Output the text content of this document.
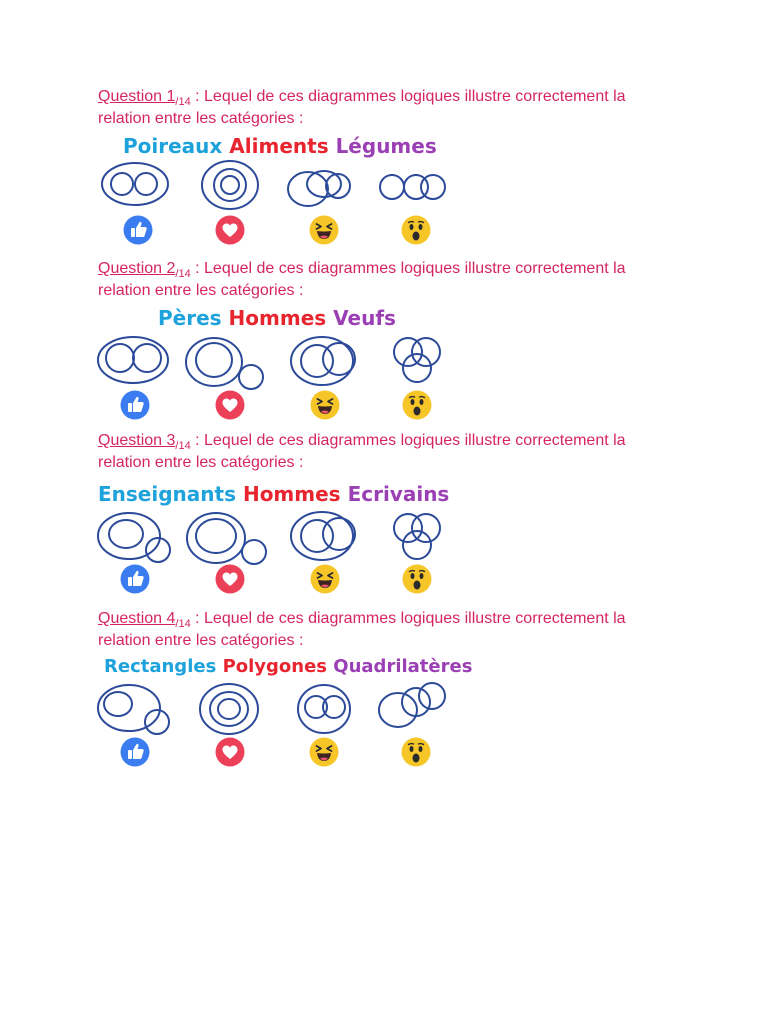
Question $1_{/14}$ : Lequel de ces diagrammes logiques illustre correctement la
relation entre les catégories :
Poireaux Aliments Légumes
Question $2_{/14}$ : Lequel de ces diagrammes logiques illustre correctement la
relation entre les catégories :
Pères Hommes Veufs
Question $3_{/14}$ : Lequel de ces diagrammes logiques illustre correctement la
relation entre les catégories :
Enseignants Hommes Ecrivains
Question $4_{/14}$ : Lequel de ces diagrammes logiques illustre correctement la
relation entre les catégories :
Rectangles Polygones Quadrilatères
